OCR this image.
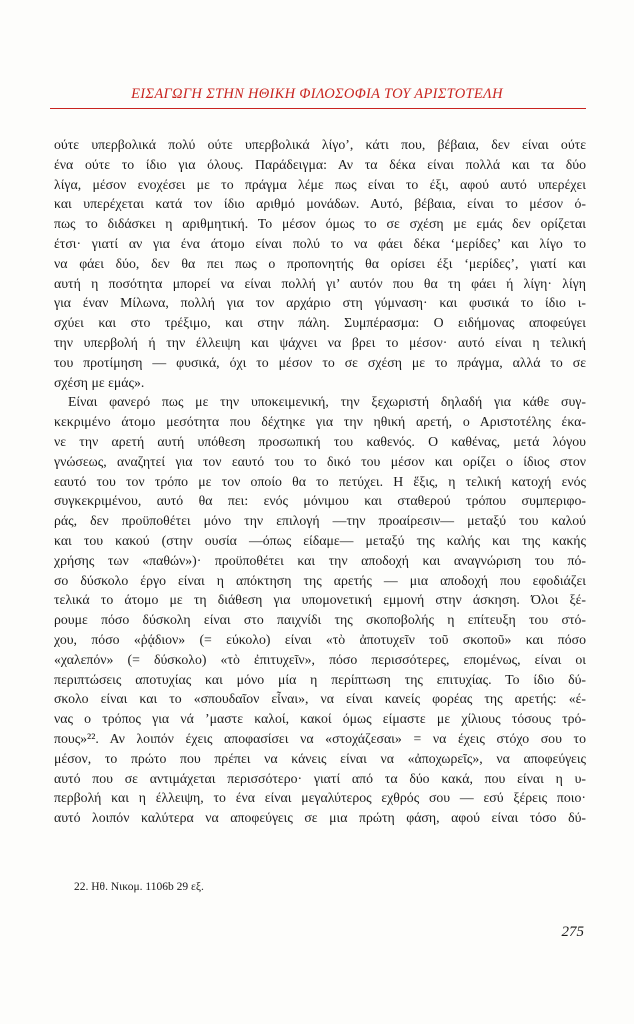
ΕΙΣΑΓΩΓΗ ΣΤΗΝ ΗΘΙΚΗ ΦΙΛΟΣΟΦΙΑ ΤΟΥ ΑΡΙΣΤΟΤΕΛΗ
ούτε υπερβολικά πολύ ούτε υπερβολικά λίγο’, κάτι που, βέβαια, δεν είναι ούτε
ένα ούτε το ίδιο για όλους. Παράδειγμα: Αν τα δέκα είναι πολλά και τα δύο
λίγα, μέσον ενοχέσει με το πράγμα λέμε πως είναι το έξι, αφού αυτό υπερέχει
και υπερέχεται κατά τον ίδιο αριθμό μονάδων. Αυτό, βέβαια, είναι το μέσον ό-
πως το διδάσκει η αριθμητική. Το μέσον όμως το σε σχέση με εμάς δεν ορίζεται
έτσι· γιατί αν για ένα άτομο είναι πολύ το να φάει δέκα ‘μερίδες’ και λίγο το
να φάει δύο, δεν θα πει πως ο προπονητής θα ορίσει έξι ‘μερίδες’, γιατί και
αυτή η ποσότητα μπορεί να είναι πολλή γι’ αυτόν που θα τη φάει ή λίγη· λίγη
για έναν Μίλωνα, πολλή για τον αρχάριο στη γύμναση· και φυσικά το ίδιο ι-
σχύει και στο τρέξιμο, και στην πάλη. Συμπέρασμα: Ο ειδήμονας αποφεύγει
την υπερβολή ή την έλλειψη και ψάχνει να βρει το μέσον· αυτό είναι η τελική
του προτίμηση — φυσικά, όχι το μέσον το σε σχέση με το πράγμα, αλλά το σε
σχέση με εμάς».
Είναι φανερό πως με την υποκειμενική, την ξεχωριστή δηλαδή για κάθε συγ-
κεκριμένο άτομο μεσότητα που δέχτηκε για την ηθική αρετή, ο Αριστοτέλης έκα-
νε την αρετή αυτή υπόθεση προσωπική του καθενός. Ο καθένας, μετά λόγου
γνώσεως, αναζητεί για τον εαυτό του το δικό του μέσον και ορίζει ο ίδιος στον
εαυτό του τον τρόπο με τον οποίο θα το πετύχει. Η ἕξις, η τελική κατοχή ενός
συγκεκριμένου, αυτό θα πει: ενός μόνιμου και σταθερού τρόπου συμπεριφο-
ράς, δεν προϋποθέτει μόνο την επιλογή —την προαίρεσιν— μεταξύ του καλού
και του κακού (στην ουσία —όπως είδαμε— μεταξύ της καλής και της κακής
χρήσης των «παθών»)· προϋποθέτει και την αποδοχή και αναγνώριση του πό-
σο δύσκολο έργο είναι η απόκτηση της αρετής — μια αποδοχή που εφοδιάζει
τελικά το άτομο με τη διάθεση για υπομονετική εμμονή στην άσκηση. Όλοι ξέ-
ρουμε πόσο δύσκολη είναι στο παιχνίδι της σκοποβολής η επίτευξη του στό-
χου, πόσο «ῥᾴδιον» (= εύκολο) είναι «τὸ ἀποτυχεῖν τοῦ σκοποῦ» και πόσο
«χαλεπόν» (= δύσκολο) «τὸ ἐπιτυχεῖν», πόσο περισσότερες, επομένως, είναι οι
περιπτώσεις αποτυχίας και μόνο μία η περίπτωση της επιτυχίας. Το ίδιο δύ-
σκολο είναι και το «σπουδαῖον εἶναι», να είναι κανείς φορέας της αρετής: «έ-
νας ο τρόπος για νά ’μαστε καλοί, κακοί όμως είμαστε με χίλιους τόσους τρό-
πους»²². Αν λοιπόν έχεις αποφασίσει να «στοχάζεσαι» = να έχεις στόχο σου το
μέσον, το πρώτο που πρέπει να κάνεις είναι να «ἀποχωρεῖς», να αποφεύγεις
αυτό που σε αντιμάχεται περισσότερο· γιατί από τα δύο κακά, που είναι η υ-
περβολή και η έλλειψη, το ένα είναι μεγαλύτερος εχθρός σου — εσύ ξέρεις ποιο·
αυτό λοιπόν καλύτερα να αποφεύγεις σε μια πρώτη φάση, αφού είναι τόσο δύ-
22. Ηθ. Νικομ. 1106b 29 εξ.
275
